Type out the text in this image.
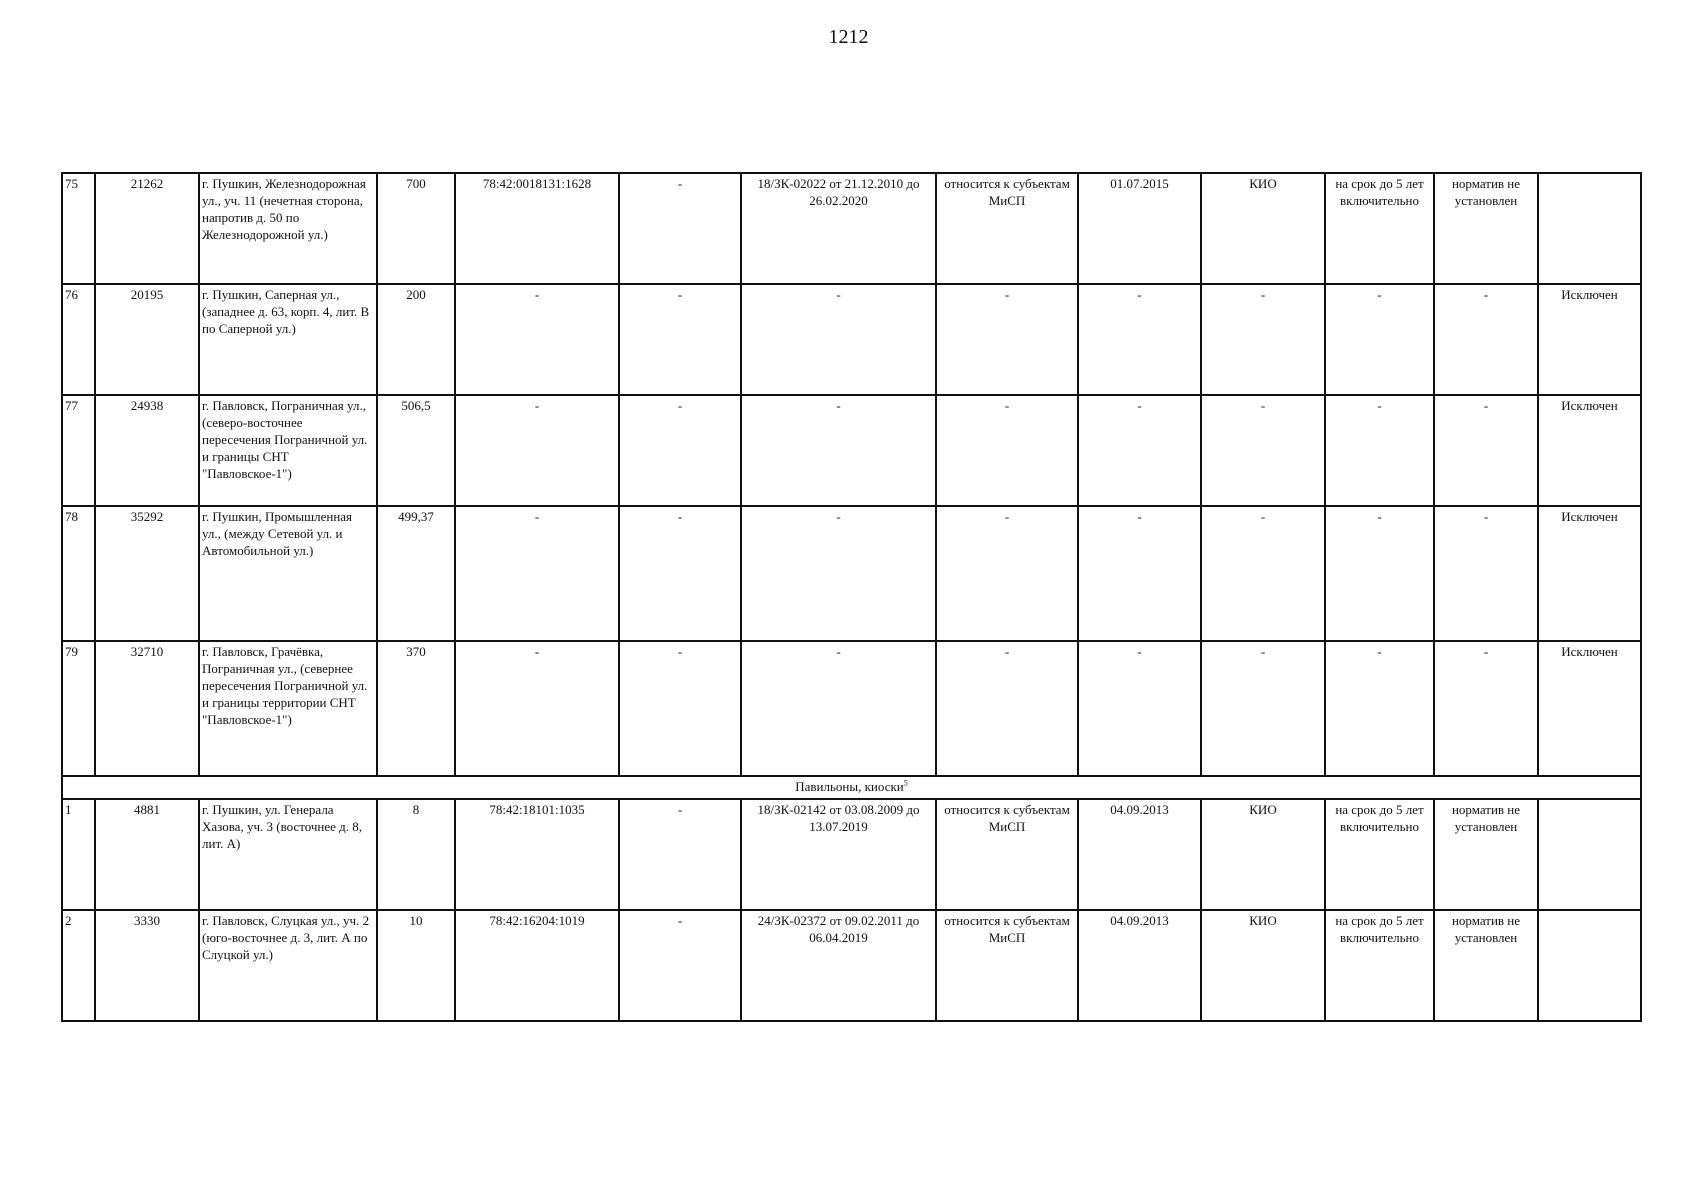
1212
75	21262	г. Пушкин, Железнодорожная ул., уч. 11 (нечетная сторона, напротив д. 50 по Железнодорожной ул.)	700	78:42:0018131:1628	-	18/ЗК-02022 от 21.12.2010 до 26.02.2020	относится к субъектам МиСП	01.07.2015	КИО	на срок до 5 лет включительно	норматив не установлен	
76	20195	г. Пушкин, Саперная ул., (западнее д. 63, корп. 4, лит. В по Саперной ул.)	200	-	-	-	-	-	-	-	-	Исключен
77	24938	г. Павловск, Пограничная ул., (северо-восточнее пересечения Пограничной ул. и границы СНТ "Павловское-1")	506,5	-	-	-	-	-	-	-	-	Исключен
78	35292	г. Пушкин, Промышленная ул., (между Сетевой ул. и Автомобильной ул.)	499,37	-	-	-	-	-	-	-	-	Исключен
79	32710	г. Павловск, Грачёвка, Пограничная ул., (севернее пересечения Пограничной ул. и границы территории СНТ "Павловское-1")	370	-	-	-	-	-	-	-	-	Исключен
Павильоны, киоски$^5$
1	4881	г. Пушкин, ул. Генерала Хазова, уч. 3 (восточнее д. 8, лит. А)	8	78:42:18101:1035	-	18/ЗК-02142 от 03.08.2009 до 13.07.2019	относится к субъектам МиСП	04.09.2013	КИО	на срок до 5 лет включительно	норматив не установлен	
2	3330	г. Павловск, Слуцкая ул., уч. 2 (юго-восточнее д. 3, лит. А по Слуцкой ул.)	10	78:42:16204:1019	-	24/ЗК-02372 от 09.02.2011 до 06.04.2019	относится к субъектам МиСП	04.09.2013	КИО	на срок до 5 лет включительно	норматив не установлен	
